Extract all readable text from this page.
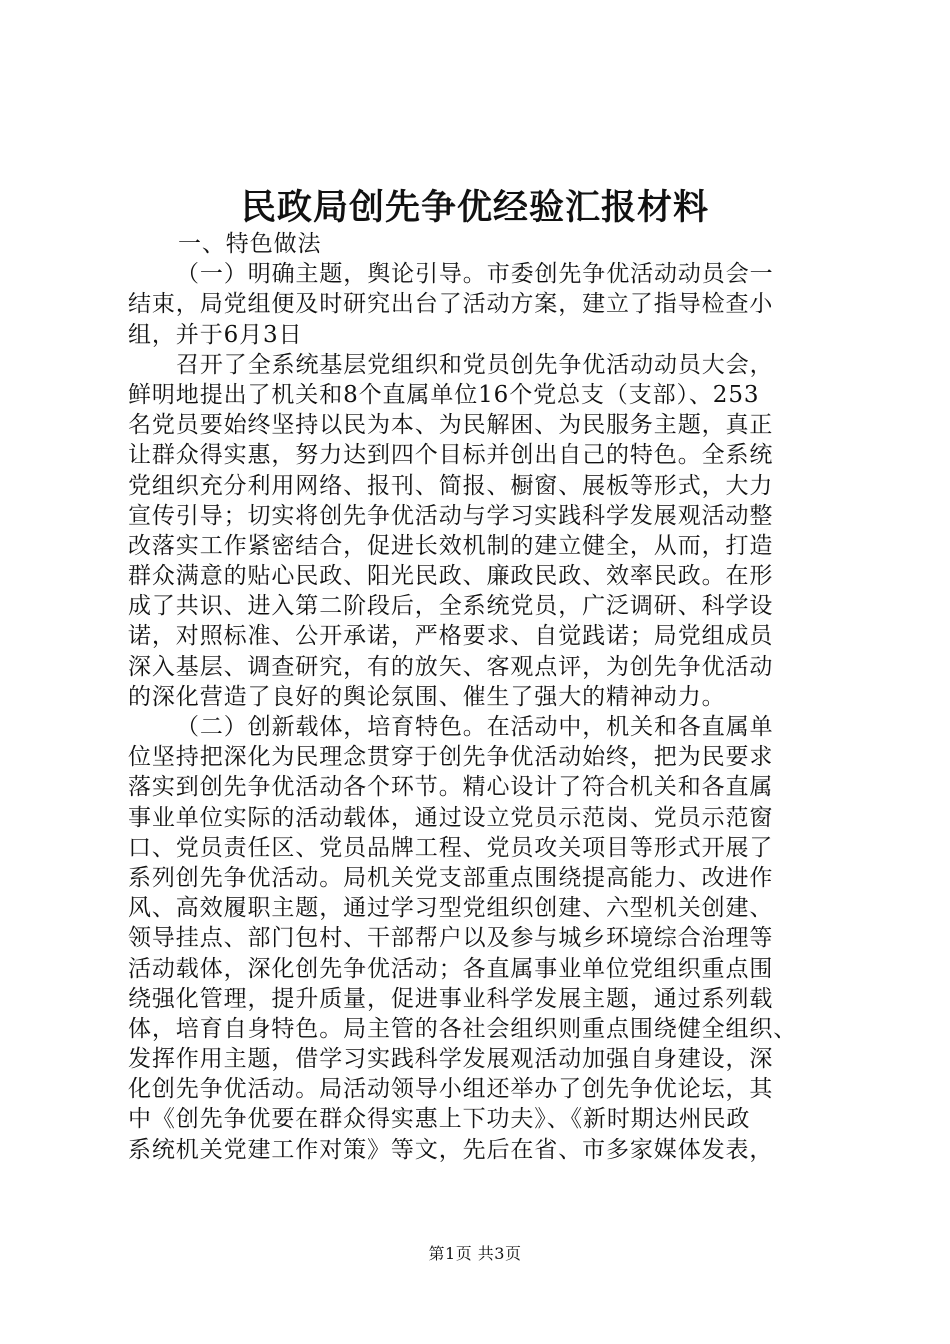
民政局创先争优经验汇报材料
一、特色做法
（一）明确主题，舆论引导。市委创先争优活动动员会一
结束，局党组便及时研究出台了活动方案，建立了指导检查小
组，并于6月3日
召开了全系统基层党组织和党员创先争优活动动员大会，
鲜明地提出了机关和8个直属单位16个党总支（支部）、253
名党员要始终坚持以民为本、为民解困、为民服务主题，真正
让群众得实惠，努力达到四个目标并创出自己的特色。全系统
党组织充分利用网络、报刊、简报、橱窗、展板等形式，大力
宣传引导；切实将创先争优活动与学习实践科学发展观活动整
改落实工作紧密结合，促进长效机制的建立健全，从而，打造
群众满意的贴心民政、阳光民政、廉政民政、效率民政。在形
成了共识、进入第二阶段后，全系统党员，广泛调研、科学设
诺，对照标准、公开承诺，严格要求、自觉践诺；局党组成员
深入基层、调查研究，有的放矢、客观点评，为创先争优活动
的深化营造了良好的舆论氛围、催生了强大的精神动力。
（二）创新载体，培育特色。在活动中，机关和各直属单
位坚持把深化为民理念贯穿于创先争优活动始终，把为民要求
落实到创先争优活动各个环节。精心设计了符合机关和各直属
事业单位实际的活动载体，通过设立党员示范岗、党员示范窗
口、党员责任区、党员品牌工程、党员攻关项目等形式开展了
系列创先争优活动。局机关党支部重点围绕提高能力、改进作
风、高效履职主题，通过学习型党组织创建、六型机关创建、
领导挂点、部门包村、干部帮户以及参与城乡环境综合治理等
活动载体，深化创先争优活动；各直属事业单位党组织重点围
绕强化管理，提升质量，促进事业科学发展主题，通过系列载
体，培育自身特色。局主管的各社会组织则重点围绕健全组织、
发挥作用主题，借学习实践科学发展观活动加强自身建设，深
化创先争优活动。局活动领导小组还举办了创先争优论坛，其
中《创先争优要在群众得实惠上下功夫》、《新时期达州民政
系统机关党建工作对策》等文，先后在省、市多家媒体发表，
第1页 共3页
